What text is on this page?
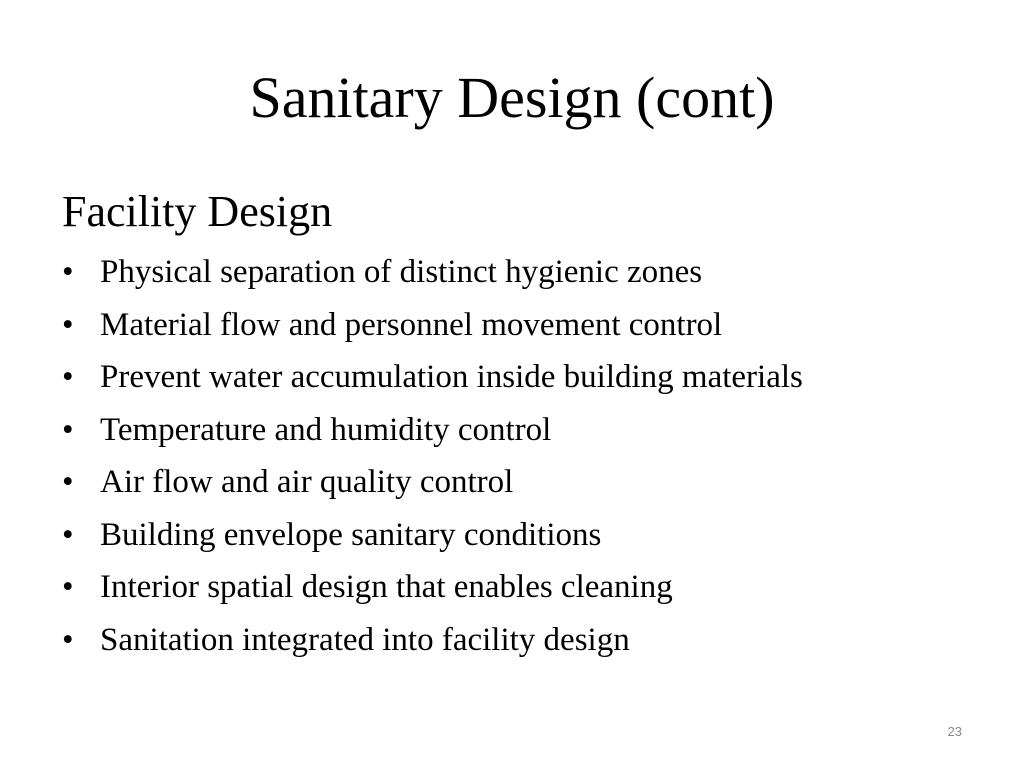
Sanitary Design (cont)
Facility Design
• Physical separation of distinct hygienic zones
• Material flow and personnel movement control
• Prevent water accumulation inside building materials
• Temperature and humidity control
• Air flow and air quality control
• Building envelope sanitary conditions
• Interior spatial design that enables cleaning
• Sanitation integrated into facility design
23
